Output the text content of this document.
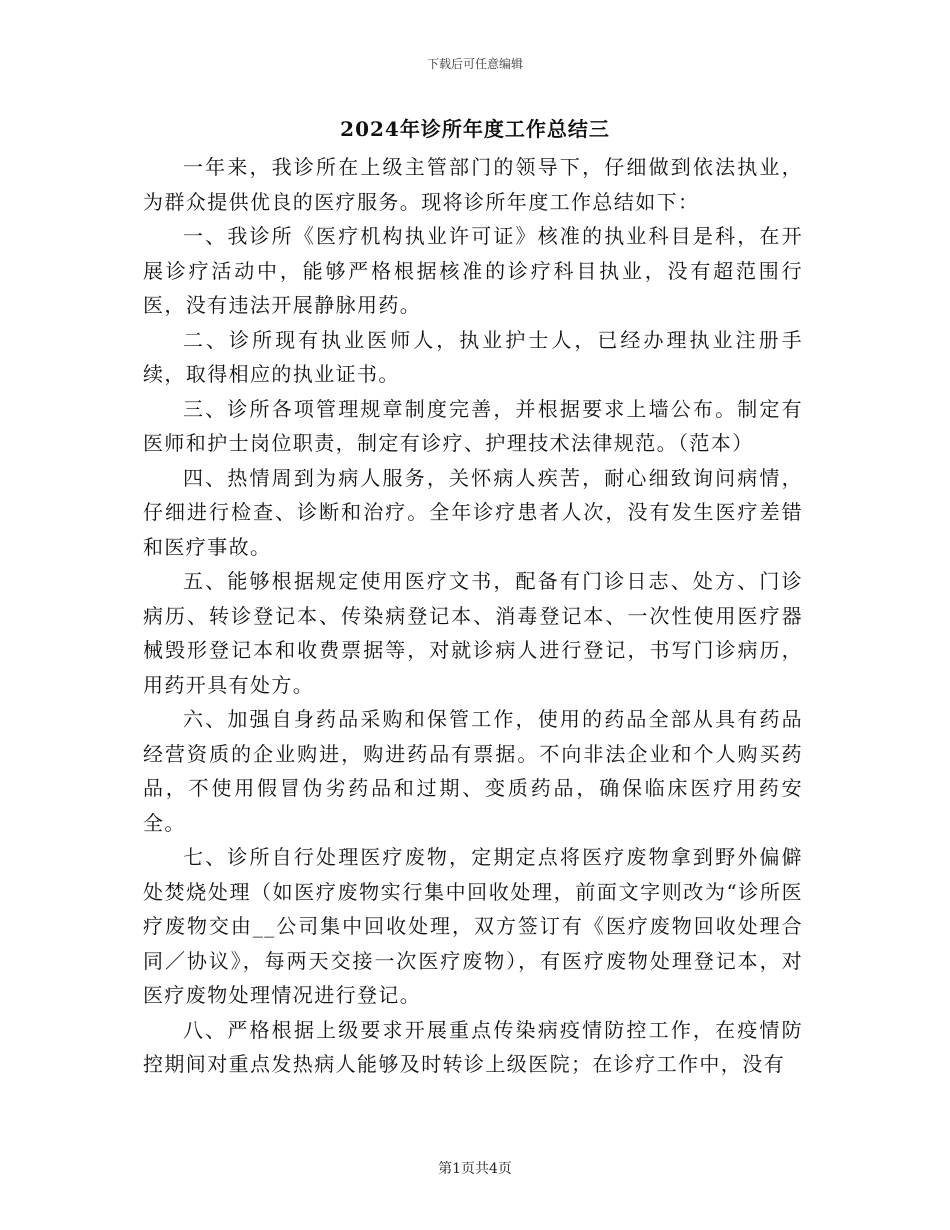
下载后可任意编辑
2024年诊所年度工作总结三

一年来，我诊所在上级主管部门的领导下，仔细做到依法执业，为群众提供优良的医疗服务。现将诊所年度工作总结如下：

一、我诊所《医疗机构执业许可证》核准的执业科目是科，在开展诊疗活动中，能够严格根据核准的诊疗科目执业，没有超范围行医，没有违法开展静脉用药。

二、诊所现有执业医师人，执业护士人，已经办理执业注册手续，取得相应的执业证书。

三、诊所各项管理规章制度完善，并根据要求上墙公布。制定有医师和护士岗位职责，制定有诊疗、护理技术法律规范。（范本）

四、热情周到为病人服务，关怀病人疾苦，耐心细致询问病情，仔细进行检查、诊断和治疗。全年诊疗患者人次，没有发生医疗差错和医疗事故。

五、能够根据规定使用医疗文书，配备有门诊日志、处方、门诊病历、转诊登记本、传染病登记本、消毒登记本、一次性使用医疗器械毁形登记本和收费票据等，对就诊病人进行登记，书写门诊病历，用药开具有处方。

六、加强自身药品采购和保管工作，使用的药品全部从具有药品经营资质的企业购进，购进药品有票据。不向非法企业和个人购买药品，不使用假冒伪劣药品和过期、变质药品，确保临床医疗用药安全。

七、诊所自行处理医疗废物，定期定点将医疗废物拿到野外偏僻处焚烧处理（如医疗废物实行集中回收处理，前面文字则改为“诊所医疗废物交由__公司集中回收处理，双方签订有《医疗废物回收处理合同／协议》，每两天交接一次医疗废物），有医疗废物处理登记本，对医疗废物处理情况进行登记。

八、严格根据上级要求开展重点传染病疫情防控工作，在疫情防控期间对重点发热病人能够及时转诊上级医院；在诊疗工作中，没有

第1页共4页
